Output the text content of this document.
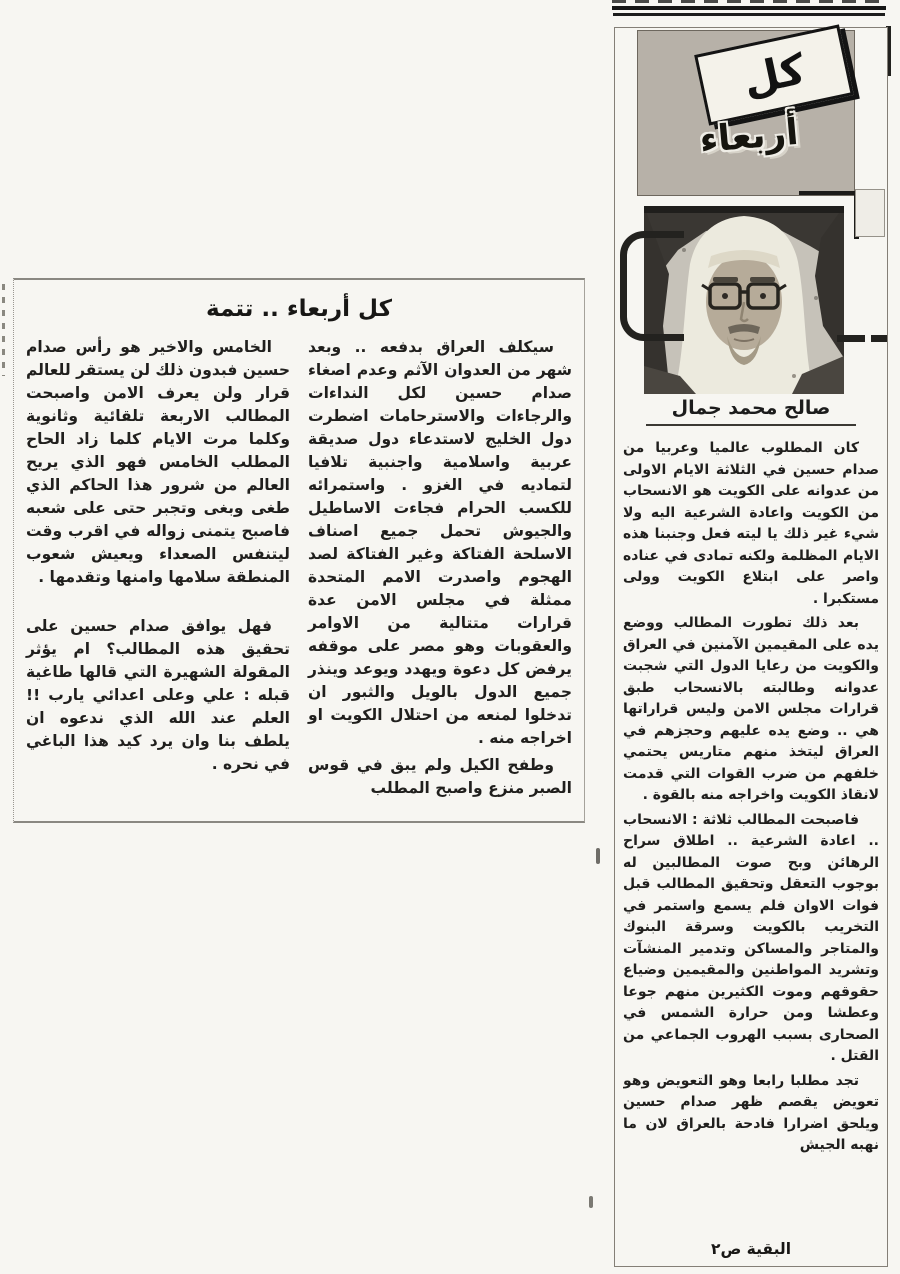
كل
أربعاء
صالح محمد جمال

كان المطلوب عالميا وعربيا من صدام حسين في الثلاثة الايام الاولى من عدوانه على الكويت هو الانسحاب من الكويت واعادة الشرعية اليه ولا شيء غير ذلك يا ليته فعل وجنبنا هذه الايام المظلمة ولكنه تمادى في عناده واصر على ابتلاع الكويت وولى مستكبرا .

بعد ذلك تطورت المطالب ووضع يده على المقيمين الآمنين في العراق والكويت من رعايا الدول التي شجبت عدوانه وطالبته بالانسحاب طبق قرارات مجلس الامن وليس قراراتها هي .. وضع يده عليهم وحجزهم في العراق ليتخذ منهم متاريس يحتمي خلفهم من ضرب القوات التي قدمت لانقاذ الكويت واخراجه منه بالقوة .

فاصبحت المطالب ثلاثة : الانسحاب .. اعادة الشرعية .. اطلاق سراح الرهائن وبح صوت المطالبين له بوجوب التعقل وتحقيق المطالب قبل فوات الاوان فلم يسمع واستمر في التخريب بالكويت وسرقة البنوك والمتاجر والمساكن وتدمير المنشآت وتشريد المواطنين والمقيمين وضياع حقوقهم وموت الكثيرين منهم جوعا وعطشا ومن حرارة الشمس في الصحارى بسبب الهروب الجماعي من القتل .

تجد مطلبا رابعا وهو التعويض وهو تعويض يقصم ظهر صدام حسين ويلحق اضرارا فادحة بالعراق لان ما نهبه الجيش

البقية ص٢
كل أربعاء .. تتمة

سيكلف العراق بدفعه .. وبعد شهر من العدوان الآثم وعدم اصغاء صدام حسين لكل النداءات والرجاءات والاسترحامات اضطرت دول الخليج لاستدعاء دول صديقة عربية واسلامية واجنبية تلافيا لتماديه في الغزو . واستمرائه للكسب الحرام فجاءت الاساطيل والجيوش تحمل جميع اصناف الاسلحة الفتاكة وغير الفتاكة لصد الهجوم واصدرت الامم المتحدة ممثلة في مجلس الامن عدة قرارات متتالية من الاوامر والعقوبات وهو مصر على موقفه يرفض كل دعوة ويهدد ويوعد وينذر جميع الدول بالويل والثبور ان تدخلوا لمنعه من احتلال الكويت او اخراجه منه .

وطفح الكيل ولم يبق في قوس الصبر منزع واصبح المطلب

الخامس والاخير هو رأس صدام حسين فبدون ذلك لن يستقر للعالم قرار ولن يعرف الامن واصبحت المطالب الاربعة تلقائية وثانوية وكلما مرت الايام كلما زاد الحاح المطلب الخامس فهو الذي يريح العالم من شرور هذا الحاكم الذي طغى وبغى وتجبر حتى على شعبه فاصبح يتمنى زواله في اقرب وقت ليتنفس الصعداء ويعيش شعوب المنطقة سلامها وامنها وتقدمها .

فهل يوافق صدام حسين على تحقيق هذه المطالب؟ ام يؤثر المقولة الشهيرة التي قالها طاغية قبله : علي وعلى اعدائي يارب !! العلم عند الله الذي ندعوه ان يلطف بنا وان يرد كيد هذا الباغي في نحره .
